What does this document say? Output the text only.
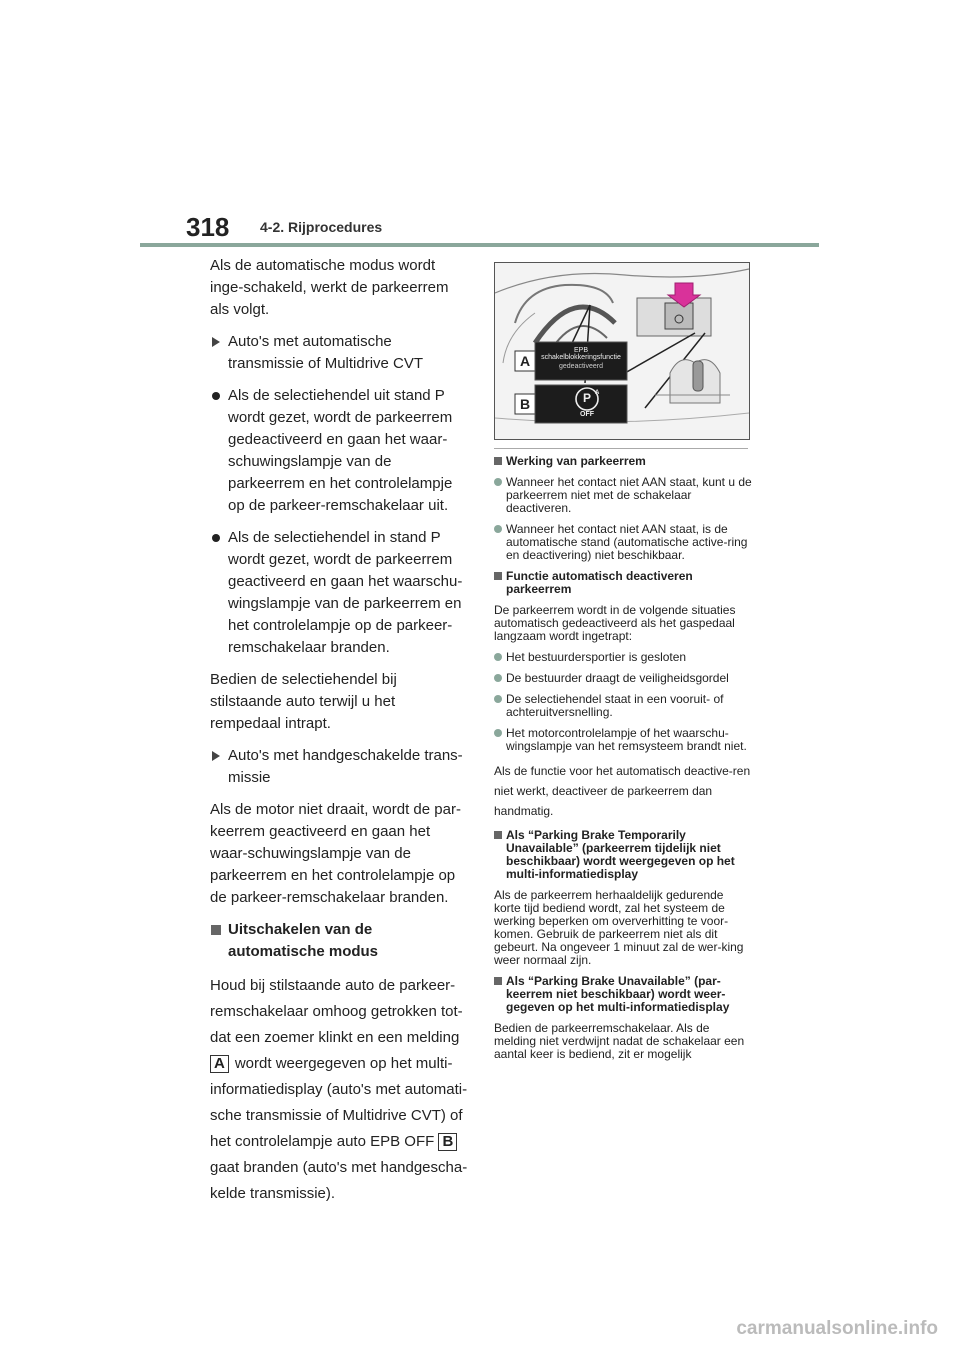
318 4-2. Rijprocedures

Als de automatische modus wordt inge-schakeld, werkt de parkeerrem als volgt.

Auto's met automatische transmissie of Multidrive CVT
Als de selectiehendel uit stand P wordt gezet, wordt de parkeerrem gedeactiveerd en gaan het waar-schuwingslampje van de parkeerrem en het controlelampje op de parkeer-remschakelaar uit.
Als de selectiehendel in stand P wordt gezet, wordt de parkeerrem geactiveerd en gaan het waarschu-wingslampje van de parkeerrem en het controlelampje op de parkeer-remschakelaar branden.

Bedien de selectiehendel bij stilstaande auto terwijl u het rempedaal intrapt.

Auto's met handgeschakelde trans-missie

Als de motor niet draait, wordt de par-keerrem geactiveerd en gaan het waar-schuwingslampje van de parkeerrem en het controlelampje op de parkeer-remschakelaar branden.

Uitschakelen van de automatische modus

Houd bij stilstaande auto de parkeer-remschakelaar omhoog getrokken tot-dat een zoemer klinkt en een melding A wordt weergegeven op het multi-informatiedisplay (auto's met automati-sche transmissie of Multidrive CVT) of het controlelampje auto EPB OFF B gaat branden (auto's met handgescha-kelde transmissie).

A
B
EPB schakelblokkeringsfunctie
gedeactiveerd
P A
OFF
Werking van parkeerrem
Wanneer het contact niet AAN staat, kunt u de parkeerrem niet met de schakelaar deactiveren.
Wanneer het contact niet AAN staat, is de automatische stand (automatische active-ring en deactivering) niet beschikbaar.
Functie automatisch deactiveren parkeerrem

De parkeerrem wordt in de volgende situaties automatisch gedeactiveerd als het gaspedaal langzaam wordt ingetrapt:

Het bestuurdersportier is gesloten
De bestuurder draagt de veiligheidsgordel
De selectiehendel staat in een vooruit- of achteruitversnelling.
Het motorcontrolelampje of het waarschu-wingslampje van het remsysteem brandt niet.

Als de functie voor het automatisch deactive-ren niet werkt, deactiveer de parkeerrem dan handmatig.

Als “Parking Brake Temporarily Unavailable” (parkeerrem tijdelijk niet beschikbaar) wordt weergegeven op het multi-informatiedisplay

Als de parkeerrem herhaaldelijk gedurende korte tijd bediend wordt, zal het systeem de werking beperken om oververhitting te voor-komen. Gebruik de parkeerrem niet als dit gebeurt. Na ongeveer 1 minuut zal de wer-king weer normaal zijn.

Als “Parking Brake Unavailable” (par-keerrem niet beschikbaar) wordt weer-gegeven op het multi-informatiedisplay

Bedien de parkeerremschakelaar. Als de melding niet verdwijnt nadat de schakelaar een aantal keer is bediend, zit er mogelijk

carmanualsonline.info
